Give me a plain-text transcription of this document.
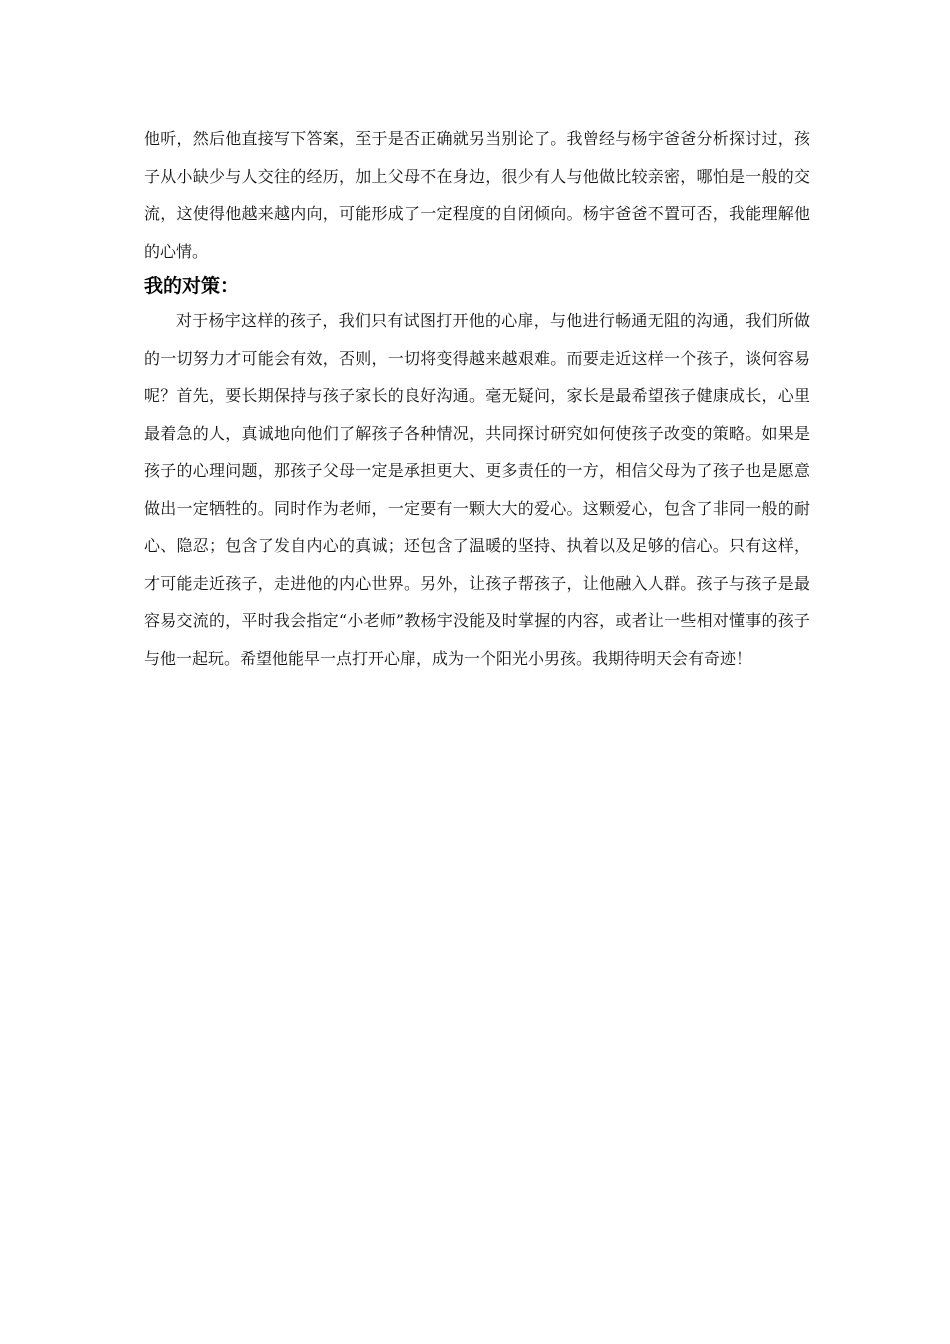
他听，然后他直接写下答案，至于是否正确就另当别论了。我曾经与杨宇爸爸分析探讨过，孩子从小缺少与人交往的经历，加上父母不在身边，很少有人与他做比较亲密，哪怕是一般的交流，这使得他越来越内向，可能形成了一定程度的自闭倾向。杨宇爸爸不置可否，我能理解他的心情。

我的对策：

对于杨宇这样的孩子，我们只有试图打开他的心扉，与他进行畅通无阻的沟通，我们所做的一切努力才可能会有效，否则，一切将变得越来越艰难。而要走近这样一个孩子，谈何容易呢？首先，要长期保持与孩子家长的良好沟通。毫无疑问，家长是最希望孩子健康成长，心里最着急的人，真诚地向他们了解孩子各种情况，共同探讨研究如何使孩子改变的策略。如果是孩子的心理问题，那孩子父母一定是承担更大、更多责任的一方，相信父母为了孩子也是愿意做出一定牺牲的。同时作为老师，一定要有一颗大大的爱心。这颗爱心，包含了非同一般的耐心、隐忍；包含了发自内心的真诚；还包含了温暖的坚持、执着以及足够的信心。只有这样，才可能走近孩子，走进他的内心世界。另外，让孩子帮孩子，让他融入人群。孩子与孩子是最容易交流的，平时我会指定“小老师”教杨宇没能及时掌握的内容，或者让一些相对懂事的孩子与他一起玩。希望他能早一点打开心扉，成为一个阳光小男孩。我期待明天会有奇迹！
